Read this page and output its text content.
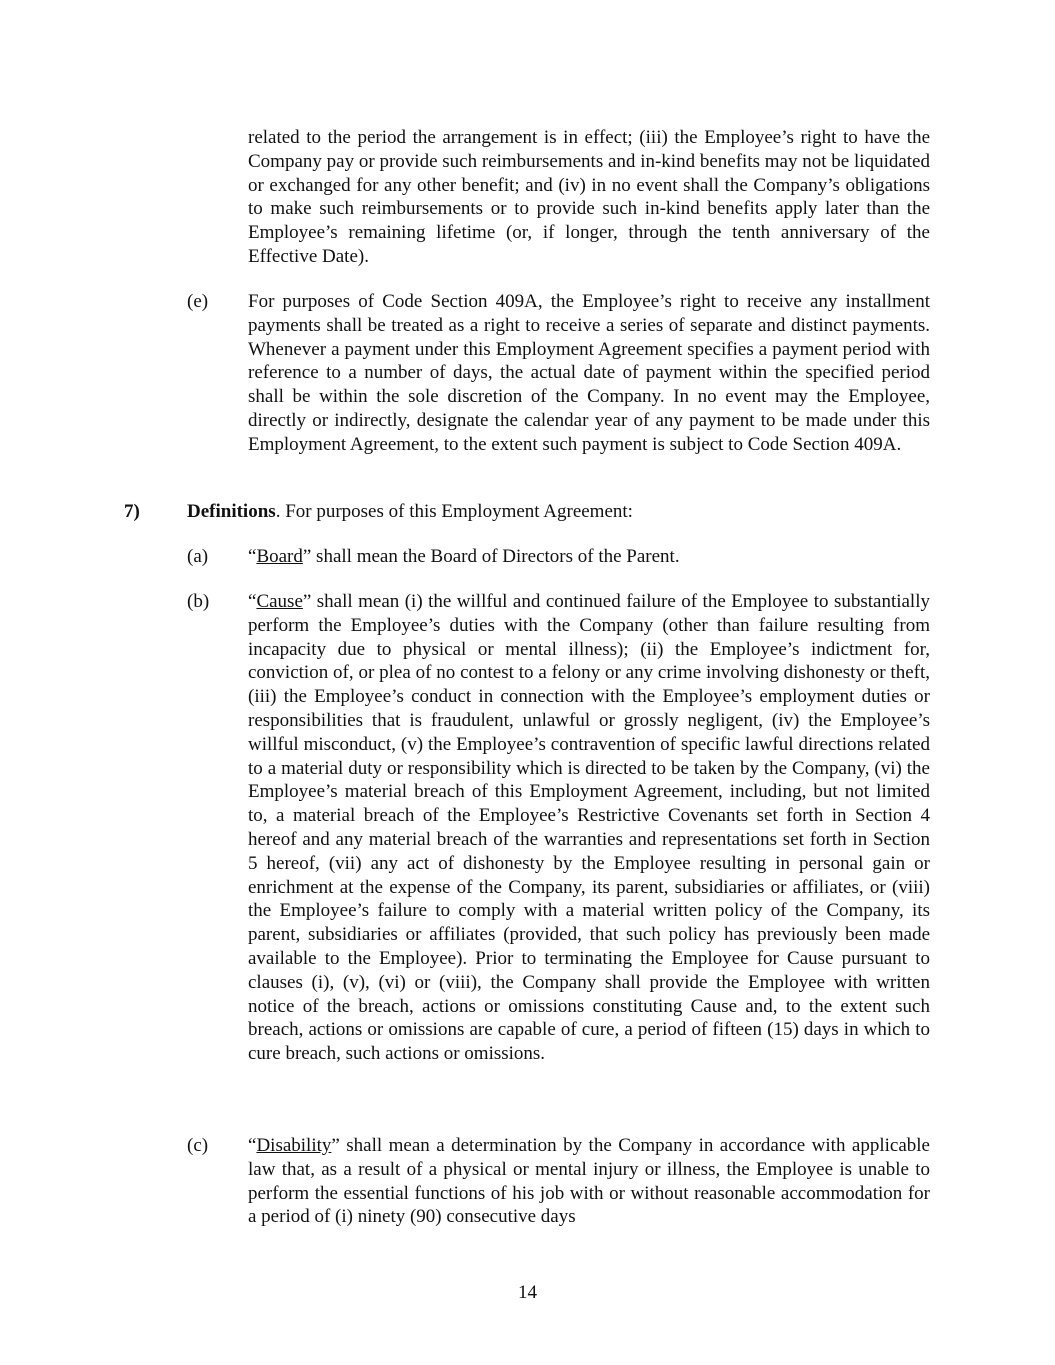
related to the period the arrangement is in effect; (iii) the Employee’s right to have the Company pay or provide such reimbursements and in-kind benefits may not be liquidated or exchanged for any other benefit; and (iv) in no event shall the Company’s obligations to make such reimbursements or to provide such in-kind benefits apply later than the Employee’s remaining lifetime (or, if longer, through the tenth anniversary of the Effective Date).

(e) For purposes of Code Section 409A, the Employee’s right to receive any installment payments shall be treated as a right to receive a series of separate and distinct payments. Whenever a payment under this Employment Agreement specifies a payment period with reference to a number of days, the actual date of payment within the specified period shall be within the sole discretion of the Company. In no event may the Employee, directly or indirectly, designate the calendar year of any payment to be made under this Employment Agreement, to the extent such payment is subject to Code Section 409A.

7) Definitions. For purposes of this Employment Agreement:

(a) “Board” shall mean the Board of Directors of the Parent.

(b) “Cause” shall mean (i) the willful and continued failure of the Employee to substantially perform the Employee’s duties with the Company (other than failure resulting from incapacity due to physical or mental illness); (ii) the Employee’s indictment for, conviction of, or plea of no contest to a felony or any crime involving dishonesty or theft, (iii) the Employee’s conduct in connection with the Employee’s employment duties or responsibilities that is fraudulent, unlawful or grossly negligent, (iv) the Employee’s willful misconduct, (v) the Employee’s contravention of specific lawful directions related to a material duty or responsibility which is directed to be taken by the Company, (vi) the Employee’s material breach of this Employment Agreement, including, but not limited to, a material breach of the Employee’s Restrictive Covenants set forth in Section 4 hereof and any material breach of the warranties and representations set forth in Section 5 hereof, (vii) any act of dishonesty by the Employee resulting in personal gain or enrichment at the expense of the Company, its parent, subsidiaries or affiliates, or (viii) the Employee’s failure to comply with a material written policy of the Company, its parent, subsidiaries or affiliates (provided, that such policy has previously been made available to the Employee). Prior to terminating the Employee for Cause pursuant to clauses (i), (v), (vi) or (viii), the Company shall provide the Employee with written notice of the breach, actions or omissions constituting Cause and, to the extent such breach, actions or omissions are capable of cure, a period of fifteen (15) days in which to cure breach, such actions or omissions.

(c) “Disability” shall mean a determination by the Company in accordance with applicable law that, as a result of a physical or mental injury or illness, the Employee is unable to perform the essential functions of his job with or without reasonable accommodation for a period of (i) ninety (90) consecutive days

14
